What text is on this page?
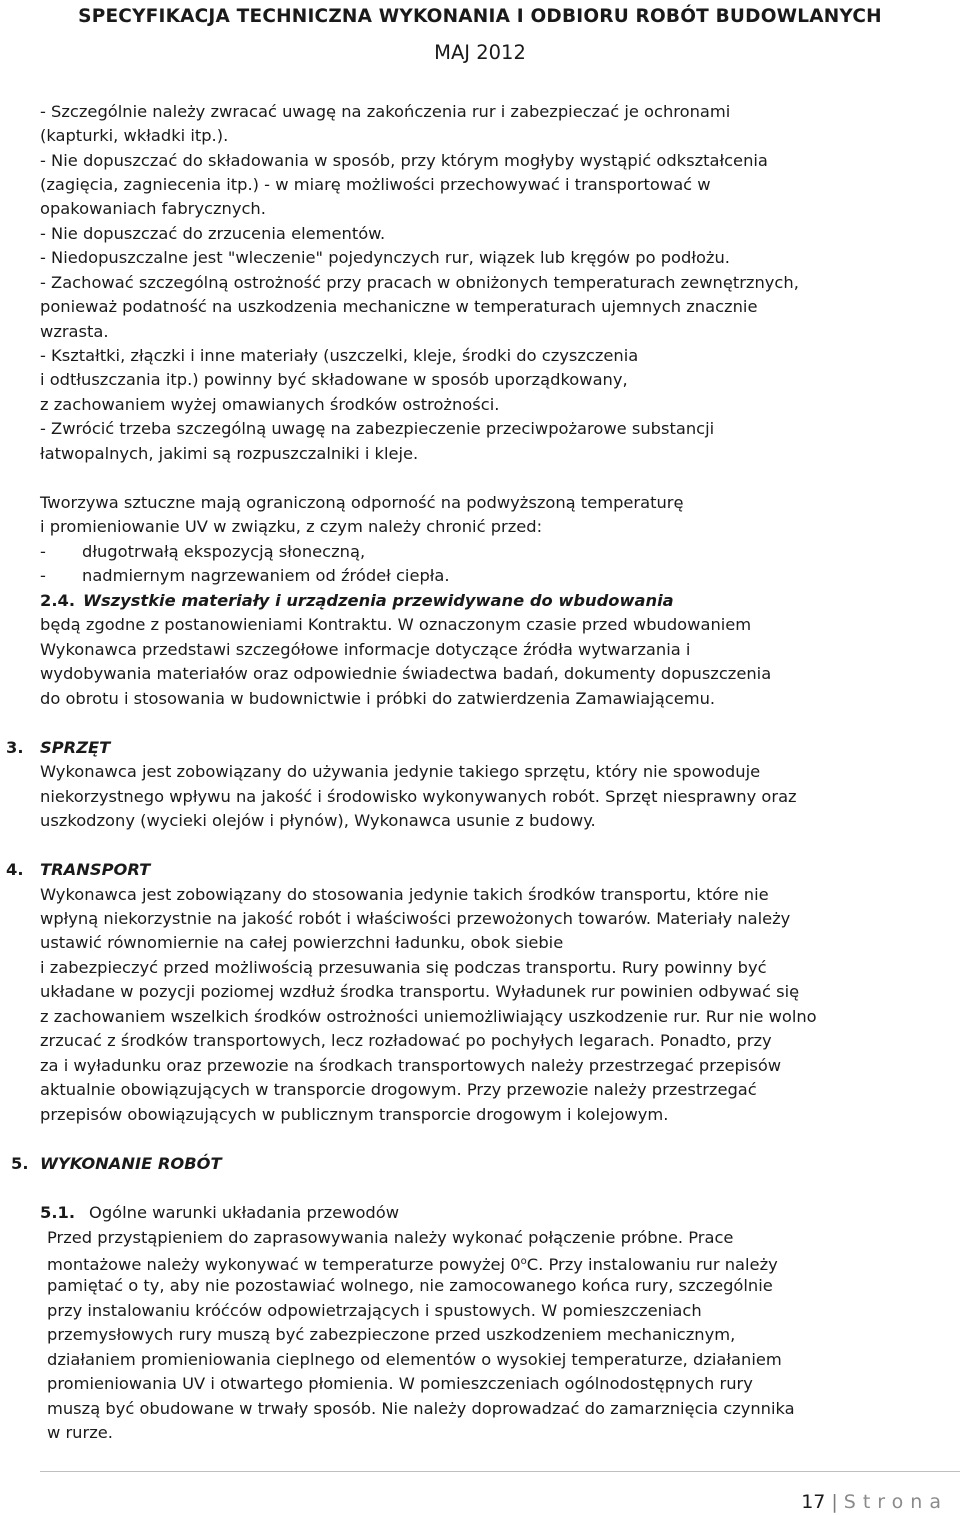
SPECYFIKACJA TECHNICZNA WYKONANIA I ODBIORU ROBÓT BUDOWLANYCH
MAJ 2012
- Szczególnie należy zwracać uwagę na zakończenia rur i zabezpieczać je ochronami
(kapturki, wkładki itp.).
- Nie dopuszczać do składowania w sposób, przy którym mogłyby wystąpić odkształcenia
(zagięcia, zagniecenia itp.) - w miarę możliwości przechowywać i transportować w
opakowaniach fabrycznych.
- Nie dopuszczać do zrzucenia elementów.
- Niedopuszczalne jest "wleczenie" pojedynczych rur, wiązek lub kręgów po podłożu.
- Zachować szczególną ostrożność przy pracach w obniżonych temperaturach zewnętrznych,
ponieważ podatność na uszkodzenia mechaniczne w temperaturach ujemnych znacznie
wzrasta.
- Kształtki, złączki i inne materiały (uszczelki, kleje, środki do czyszczenia
i odtłuszczania itp.) powinny być składowane w sposób uporządkowany,
z zachowaniem wyżej omawianych środków ostrożności.
- Zwrócić trzeba szczególną uwagę na zabezpieczenie przeciwpożarowe substancji
łatwopalnych, jakimi są rozpuszczalniki i kleje.
Tworzywa sztuczne mają ograniczoną odporność na podwyższoną temperaturę
i promieniowanie UV w związku, z czym należy chronić przed:
- długotrwałą ekspozycją słoneczną,
- nadmiernym nagrzewaniem od źródeł ciepła.
2.4. Wszystkie materiały i urządzenia przewidywane do wbudowania
będą zgodne z postanowieniami Kontraktu. W oznaczonym czasie przed wbudowaniem
Wykonawca przedstawi szczegółowe informacje dotyczące źródła wytwarzania i
wydobywania materiałów oraz odpowiednie świadectwa badań, dokumenty dopuszczenia
do obrotu i stosowania w budownictwie i próbki do zatwierdzenia Zamawiającemu.
3. SPRZĘT
Wykonawca jest zobowiązany do używania jedynie takiego sprzętu, który nie spowoduje
niekorzystnego wpływu na jakość i środowisko wykonywanych robót. Sprzęt niesprawny oraz
uszkodzony (wycieki olejów i płynów), Wykonawca usunie z budowy.
4. TRANSPORT
Wykonawca jest zobowiązany do stosowania jedynie takich środków transportu, które nie
wpłyną niekorzystnie na jakość robót i właściwości przewożonych towarów. Materiały należy
ustawić równomiernie na całej powierzchni ładunku, obok siebie
i zabezpieczyć przed możliwością przesuwania się podczas transportu. Rury powinny być
układane w pozycji poziomej wzdłuż środka transportu. Wyładunek rur powinien odbywać się
z zachowaniem wszelkich środków ostrożności uniemożliwiający uszkodzenie rur. Rur nie wolno
zrzucać z środków transportowych, lecz rozładować po pochyłych legarach. Ponadto, przy
za i wyładunku oraz przewozie na środkach transportowych należy przestrzegać przepisów
aktualnie obowiązujących w transporcie drogowym. Przy przewozie należy przestrzegać
przepisów obowiązujących w publicznym transporcie drogowym i kolejowym.
5. WYKONANIE ROBÓT
5.1. Ogólne warunki układania przewodów
Przed przystąpieniem do zaprasowywania należy wykonać połączenie próbne. Prace
montażowe należy wykonywać w temperaturze powyżej 0$^o$C. Przy instalowaniu rur należy
pamiętać o ty, aby nie pozostawiać wolnego, nie zamocowanego końca rury, szczególnie
przy instalowaniu króćców odpowietrzających i spustowych. W pomieszczeniach
przemysłowych rury muszą być zabezpieczone przed uszkodzeniem mechanicznym,
działaniem promieniowania cieplnego od elementów o wysokiej temperaturze, działaniem
promieniowania UV i otwartego płomienia. W pomieszczeniach ogólnodostępnych rury
muszą być obudowane w trwały sposób. Nie należy doprowadzać do zamarznięcia czynnika
w rurze.
17 | Strona
